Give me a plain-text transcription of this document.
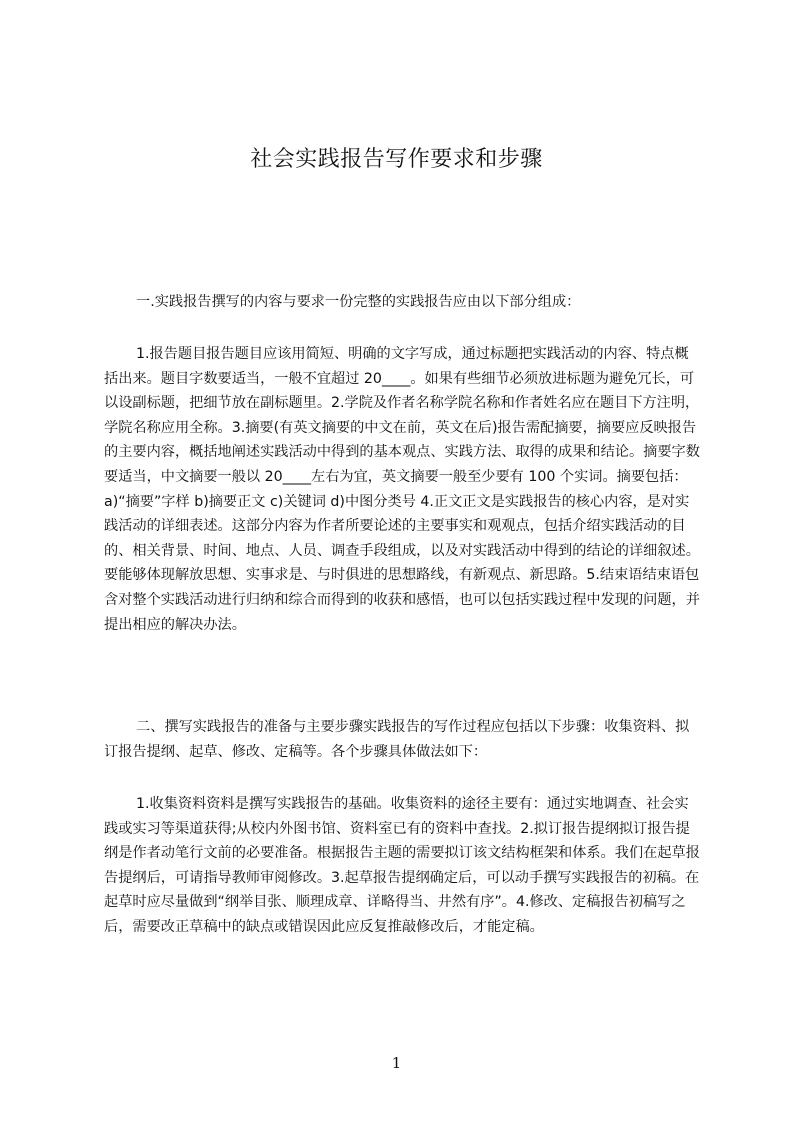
社会实践报告写作要求和步骤
一.实践报告撰写的内容与要求一份完整的实践报告应由以下部分组成：
1.报告题目报告题目应该用简短、明确的文字写成，通过标题把实践活动的内容、特点概括出来。题目字数要适当，一般不宜超过 20____。如果有些细节必须放进标题为避免冗长，可以设副标题，把细节放在副标题里。2.学院及作者名称学院名称和作者姓名应在题目下方注明，学院名称应用全称。3.摘要(有英文摘要的中文在前，英文在后)报告需配摘要，摘要应反映报告的主要内容，概括地阐述实践活动中得到的基本观点、实践方法、取得的成果和结论。摘要字数要适当，中文摘要一般以 20____左右为宜，英文摘要一般至少要有 100 个实词。摘要包括：a)“摘要”字样 b)摘要正文 c)关键词 d)中图分类号 4.正文正文是实践报告的核心内容，是对实践活动的详细表述。这部分内容为作者所要论述的主要事实和观观点，包括介绍实践活动的目的、相关背景、时间、地点、人员、调查手段组成，以及对实践活动中得到的结论的详细叙述。要能够体现解放思想、实事求是、与时俱进的思想路线，有新观点、新思路。5.结束语结束语包含对整个实践活动进行归纳和综合而得到的收获和感悟，也可以包括实践过程中发现的问题，并提出相应的解决办法。
二、撰写实践报告的准备与主要步骤实践报告的写作过程应包括以下步骤：收集资料、拟订报告提纲、起草、修改、定稿等。各个步骤具体做法如下：
1.收集资料资料是撰写实践报告的基础。收集资料的途径主要有：通过实地调查、社会实践或实习等渠道获得;从校内外图书馆、资料室已有的资料中查找。2.拟订报告提纲拟订报告提纲是作者动笔行文前的必要准备。根据报告主题的需要拟订该文结构框架和体系。我们在起草报告提纲后，可请指导教师审阅修改。3.起草报告提纲确定后，可以动手撰写实践报告的初稿。在起草时应尽量做到“纲举目张、顺理成章、详略得当、井然有序”。4.修改、定稿报告初稿写之后，需要改正草稿中的缺点或错误因此应反复推敲修改后，才能定稿。
1
